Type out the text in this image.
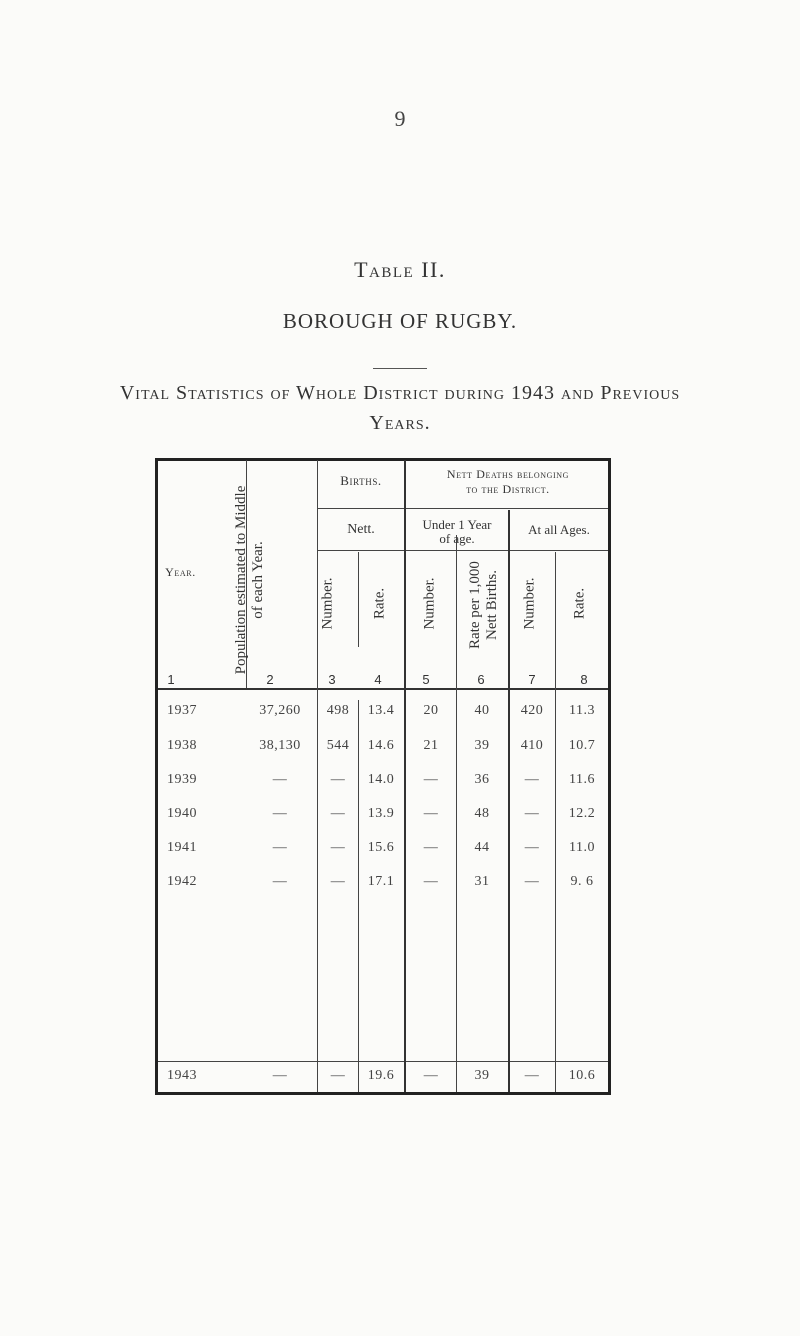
9
Table II.
BOROUGH OF RUGBY.
Vital Statistics of Whole District during 1943 and Previous
Years.
Year.	Population estimated to Middle of each Year.
Births.
Nett.
Nett Deaths belonging
to the District.
Under 1 Year
of age.
At all Ages.
Number. Rate. Number. Rate per 1,000 Nett Births. Number. Rate.
1	2	3	4	5	6	7	8
1937	37,260	498	13.4	20	40	420	11.3
1938	38,130	544	14.6	21	39	410	10.7
1939	—	—	14.0	—	36	—	11.6
1940	—	—	13.9	—	48	—	12.2
1941	—	—	15.6	—	44	—	11.0
1942	—	—	17.1	—	31	—	9. 6
1943	—	—	19.6	—	39	—	10.6
